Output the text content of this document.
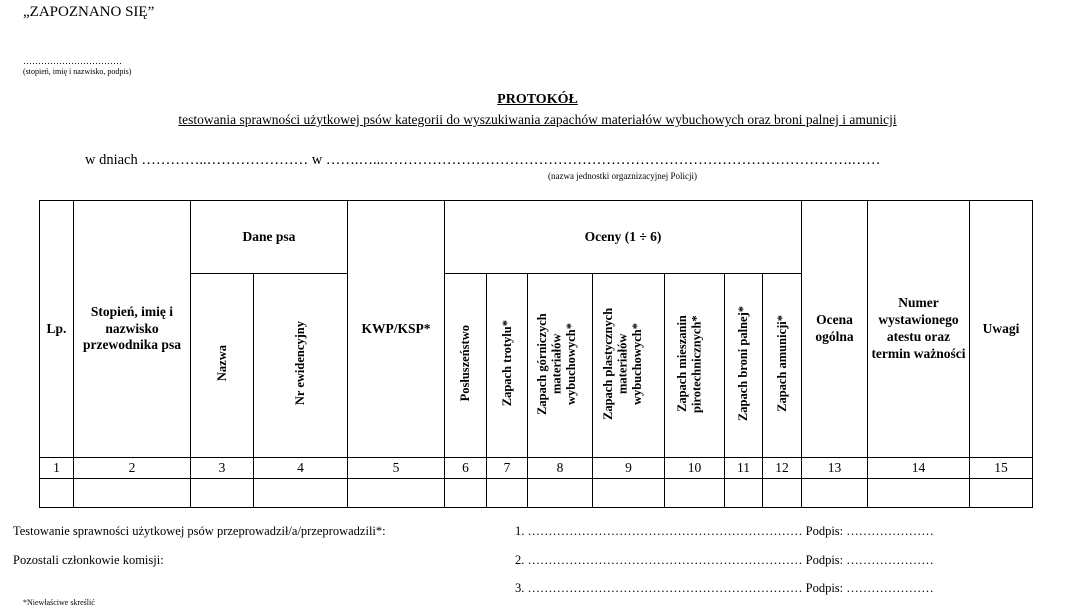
„ZAPOZNANO SIĘ”
……………………………
(stopień, imię i nazwisko, podpis)
PROTOKÓŁ
testowania sprawności użytkowej psów kategorii do wyszukiwania zapachów materiałów wybuchowych oraz broni palnej i amunicji
w dniach …………..………………… w …….…...…………………………………………………………………………………….……
(nazwa jednostki orgaznizacyjnej Policji)
Lp.	Stopień, imię i nazwisko przewodnika psa	Dane psa		KWP/KSP*	Oceny (1 ÷ 6)							Ocena ogólna	Numer wystawionego atestu oraz termin ważności	Uwagi
		Nazwa	Nr ewidencyjny		Posłuszeństwo	Zapach trotylu*	Zapach górniczych materiałów wybuchowych*	Zapach plastycznych materiałów wybuchowych*	Zapach mieszanin pirotechnicznych*	Zapach broni palnej*	Zapach amunicji*			
1	2	3	4	5	6	7	8	9	10	11	12	13	14	15

Testowanie sprawności użytkowej psów przeprowadził/a/przeprowadzili*:
Pozostali członkowie komisji:
1. ………………………………………………………… Podpis: …………………
2. ………………………………………………………… Podpis: …………………
3. ………………………………………………………… Podpis: …………………
*Niewłaściwe skreślić
